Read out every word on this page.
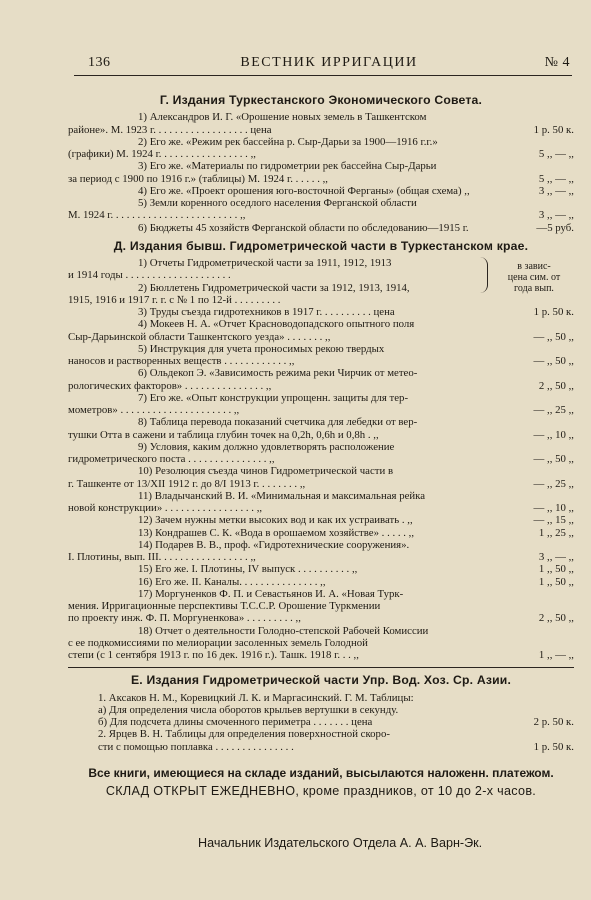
136	ВЕСТНИК ИРРИГАЦИИ	№ 4
Г. Издания Туркестанского Экономического Совета.
1) Александров И. Г. «Орошение новых земель в Ташкентском
районе». М. 1923 г. . . . . . . . . . . . . . . . . . цена	1 р. 50 к.
2) Его же. «Режим рек бассейна р. Сыр-Дарьи за 1900—1916 г.г.»
(графики) М. 1924 г. . . . . . . . . . . . . . . . . ,,	5 ,, — ,,
3) Его же. «Материалы по гидрометрии рек бассейна Сыр-Дарьи
за период с 1900 по 1916 г.» (таблицы) М. 1924 г. . . . . . ,,	5 ,, — ,,
4) Его же. «Проект орошения юго-восточной Ферганы» (общая схема) ,,	3 ,, — ,,
5) Земли коренного оседлого населения Ферганской области
М. 1924 г. . . . . . . . . . . . . . . . . . . . . . . . ,,	3 ,, — ,,
6) Бюджеты 45 хозяйств Ферганской области по обследованию—1915 г.	—5 руб.
Д. Издания бывш. Гидрометрической части в Туркестанском крае.
1) Отчеты Гидрометрической части за 1911, 1912, 1913
и 1914 годы . . . . . . . . . . . . . . . . . . . .
2) Бюллетень Гидрометрической части за 1912, 1913, 1914,
1915, 1916 и 1917 г. г. с № 1 по 12-й . . . . . . . . .
в завис-
цена сим. от
года вып.
3) Труды съезда гидротехников в 1917 г. . . . . . . . . . цена	1 р. 50 к.
4) Мокеев Н. А. «Отчет Красноводопадского опытного поля
Сыр-Дарьинской области Ташкентского уезда» . . . . . . . ,,	— ,, 50 ,,
5) Инструкция для учета проносимых рекою твердых
наносов и растворенных веществ . . . . . . . . . . . . ,,	— ,, 50 ,,
6) Ольдекоп Э. «Зависимость режима реки Чирчик от метео-
рологических факторов» . . . . . . . . . . . . . . . ,,	2 ,, 50 ,,
7) Его же. «Опыт конструкции упрощенн. защиты для тер-
мометров» . . . . . . . . . . . . . . . . . . . . . ,,	— ,, 25 ,,
8) Таблица перевода показаний счетчика для лебедки от вер-
тушки Отта в сажени и таблица глубин точек на 0,2h, 0,6h и 0,8h . ,,	— ,, 10 ,,
9) Условия, каким должно удовлетворять расположение
гидрометрического поста . . . . . . . . . . . . . . . ,,	— ,, 50 ,,
10) Резолюция съезда чинов Гидрометрической части в
г. Ташкенте от 13/XII 1912 г. до 8/I 1913 г. . . . . . . . ,,	— ,, 25 ,,
11) Владычанский В. И. «Минимальная и максимальная рейка
новой конструкции» . . . . . . . . . . . . . . . . . ,,	— ,, 10 ,,
12) Зачем нужны метки высоких вод и как их устраивать . ,,	— ,, 15 ,,
13) Кондрашев С. К. «Вода в орошаемом хозяйстве» . . . . . ,,	1 ,, 25 ,,
14) Подарев В. В., проф. «Гидротехнические сооружения».
I. Плотины, вып. III. . . . . . . . . . . . . . . . . ,,	3 ,, — ,,
15) Его же. I. Плотины, IV выпуск . . . . . . . . . . ,,	1 ,, 50 ,,
16) Его же. II. Каналы. . . . . . . . . . . . . . . ,,	1 ,, 50 ,,
17) Моргуненков Ф. П. и Севастьянов И. А. «Новая Турк-
мения. Ирригационные перспективы Т.С.С.Р. Орошение Туркмении
по проекту инж. Ф. П. Моргуненкова» . . . . . . . . . ,,	2 ,, 50 ,,
18) Отчет о деятельности Голодно-степской Рабочей Комиссии
с ее подкомиссиями по мелиорации засоленных земель Голодной
степи (с 1 сентября 1913 г. по 16 дек. 1916 г.). Ташк. 1918 г. . . ,,	1 ,, — ,,
Е. Издания Гидрометрической части Упр. Вод. Хоз. Ср. Азии.
1. Аксаков Н. М., Коревицкий Л. К. и Маргасинский. Г. М. Таблицы:
а) Для определения числа оборотов крыльев вертушки в секунду.
б) Для подсчета длины смоченного периметра . . . . . . . цена	2 р. 50 к.
2. Ярцев В. Н. Таблицы для определения поверхностной скоро-
сти с помощью поплавка . . . . . . . . . . . . . . .	1 р. 50 к.
Все книги, имеющиеся на складе изданий, высылаются наложенн. платежом.
СКЛАД ОТКРЫТ ЕЖЕДНЕВНО, кроме праздников, от 10 до 2-х часов.
Начальник Издательского Отдела А. А. Варн-Эк.
